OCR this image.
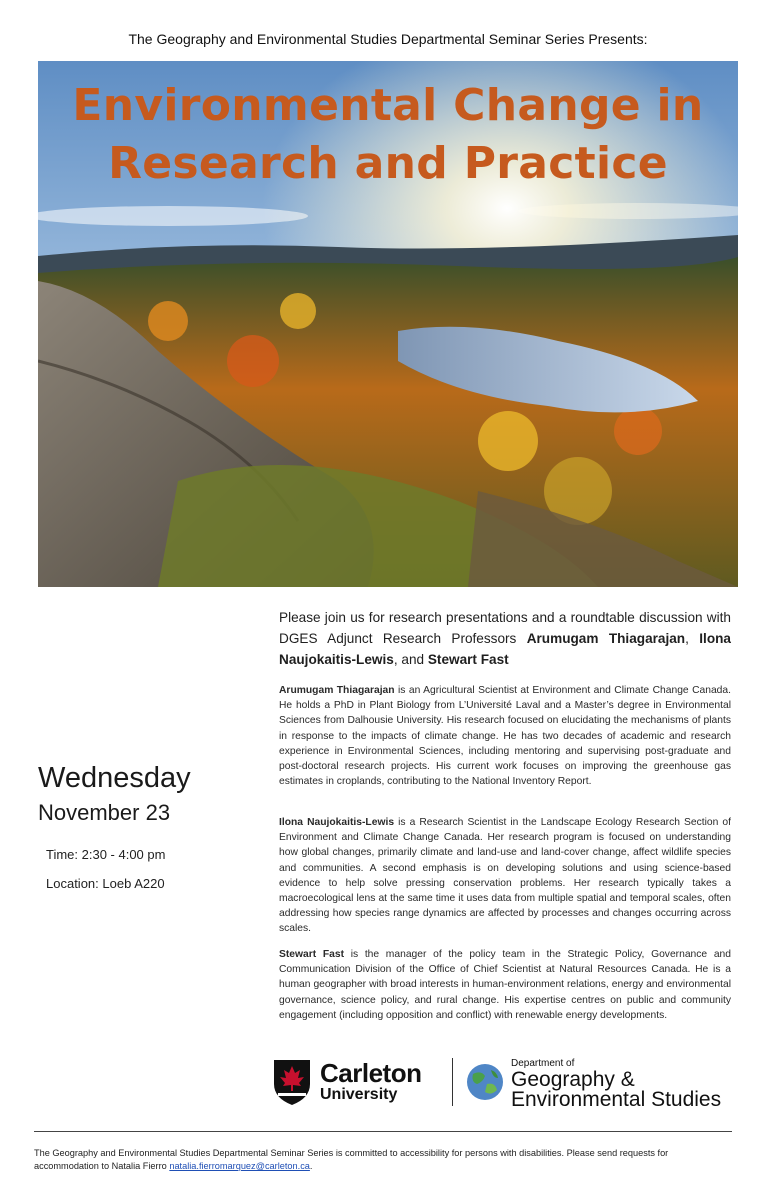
The Geography and Environmental Studies Departmental Seminar Series Presents:
Environmental Change in
Research and Practice
Please join us for research presentations and a roundtable discussion with DGES Adjunct Research Professors Arumugam Thiagarajan, Ilona Naujokaitis-Lewis, and Stewart Fast
Arumugam Thiagarajan is an Agricultural Scientist at Environment and Climate Change Canada. He holds a PhD in Plant Biology from L’Université Laval and a Master’s degree in Environmental Sciences from Dalhousie University. His research focused on elucidating the mechanisms of plants in response to the impacts of climate change. He has two decades of academic and research experience in Environmental Sciences, including mentoring and supervising post-graduate and post-doctoral research projects. His current work focuses on improving the greenhouse gas estimates in croplands, contributing to the National Inventory Report.
Ilona Naujokaitis-Lewis is a Research Scientist in the Landscape Ecology Research Section of Environment and Climate Change Canada. Her research program is focused on understanding how global changes, primarily climate and land-use and land-cover change, affect wildlife species and communities. A second emphasis is on developing solutions and using science-based evidence to help solve pressing conservation problems. Her research typically takes a macroecological lens at the same time it uses data from multiple spatial and temporal scales, often addressing how species range dynamics are affected by processes and changes occurring across scales.
Stewart Fast is the manager of the policy team in the Strategic Policy, Governance and Communication Division of the Office of Chief Scientist at Natural Resources Canada. He is a human geographer with broad interests in human-environment relations, energy and environmental governance, science policy, and rural change. His expertise centres on public and community engagement (including opposition and conflict) with renewable energy developments.
Wednesday
November 23
Time: 2:30 - 4:00 pm
Location: Loeb A220
Carleton
University
Department of
Geography &
Environmental Studies
The Geography and Environmental Studies Departmental Seminar Series is committed to accessibility for persons with disabilities. Please send requests for accommodation to Natalia Fierro natalia.fierromarquez@carleton.ca.
